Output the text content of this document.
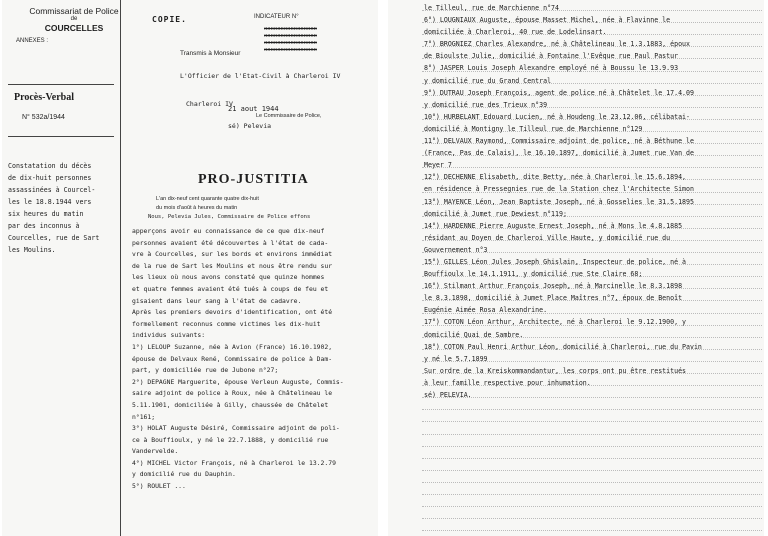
Commissariat de Police
de
COURCELLES
ANNEXES :
Procès-Verbal
N° 532a/1944
Constatation du décès
de dix-huit personnes
assassinées à Courcel-
les le 18.8.1944 vers
six heures du matin
par des inconnus à
Courcelles, rue de Sart
les Moulins.
COPIE.	INDICATEUR N°
xxxxxxxxxxxxxxxx
xxxxxxxxxxxxxxxx
xxxxxxxxxxxxxxxx
xxxxxxxxxxxxxxxx
Transmis à Monsieur
L'Officier de l'Etat-Civil à Charleroi IV
Charleroi IV
21 aout 1944
Le Commissaire de Police,
sé) Pelevia
PRO-JUSTITIA
L'an dix-neuf cent quarante quatre dix-huit
du mois d'août à heures du matin
Nous, Pelevia Jules, Commissaire de Police effons
apperçons avoir eu connaissance de ce que dix-neuf
personnes avaient été découvertes à l'état de cada-
vre à Courcelles, sur les bords et environs immédiat
de la rue de Sart les Moulins et nous être rendu sur
les lieux où nous avons constaté que quinze hommes
et quatre femmes avaient été tués à coups de feu et
gisaient dans leur sang à l'état de cadavre.
Après les premiers devoirs d'identification, ont été
formellement reconnus comme victimes les dix-huit
individus suivants:
1°) LELOUP Suzanne, née à Avion (France) 16.10.1902,
épouse de Delvaux René, Commissaire de police à Dam-
part, y domiciliée rue de Jubone n°27;
2°) DEPAGNE Marguerite, épouse Verleun Auguste, Commis-
saire adjoint de police à Roux, née à Châtelineau le
5.11.1901, domiciliée à Gilly, chaussée de Châtelet
n°161;
3°) HOLAT Auguste Désiré, Commissaire adjoint de poli-
ce à Bouffioulx, y né le 22.7.1888, y domicilié rue
Vandervelde.
4°) MICHEL Victor François, né à Charleroi le 13.2.79
y domicilié rue du Dauphin.
5°) ROULET ...
le Tilleul, rue de Marchienne n°74
6°) LOUGNIAUX Auguste, épouse Masset Michel, née à Flavinne le
domiciliée à Charleroi, 40 rue de Lodelinsart.
7°) BROGNIEZ Charles Alexandre, né à Châtelineau le 1.3.1883, époux
de Bioulste Julie, domicilié à Fontaine l'Evêque rue Paul Pastur
8°) JASPER Louis Joseph Alexandre employé né à Boussu le 13.9.93
y domicilié rue du Grand Central
9°) DUTRAU Joseph François, agent de police né à Châtelet le 17.4.09
y domicilié rue des Trieux n°39
10°) HURBELANT Edouard Lucien, né à Houdeng le 23.12.06, célibatai-
domicilié à Montigny le Tilleul rue de Marchienne n°129
11°) DELVAUX Raymond, Commissaire adjoint de police, né à Béthune le
(France, Pas de Calais), le 16.10.1897, domicilié à Jumet rue Van de
Meyer 7
12°) DECHENNE Elisabeth, dite Betty, née à Charleroi le 15.6.1894,
en résidence à Pressegnies rue de la Station chez l'Architecte Simon
13°) MAYENCE Léon, Jean Baptiste Joseph, né à Gosselies le 31.5.1895
domicilié à Jumet rue Dewiest n°119;
14°) HARDENNE Pierre Auguste Ernest Joseph, né à Mons le 4.8.1885
résidant au Doyen de Charleroi Ville Haute, y domicilié rue du
Gouvernement n°3
15°) GILLES Léon Jules Joseph Ghislain, Inspecteur de police, né à
Bouffioulx le 14.1.1911, y domicilié rue Ste Claire 68;
16°) Stilmant Arthur François Joseph, né à Marcinelle le 8.3.1898
le 8.3.1898, domicilié à Jumet Place Maîtres n°7, époux de Benoît
Eugénie Aimée Rosa Alexandrine.
17°) COTON Léon Arthur, Architecte, né à Charleroi le 9.12.1900, y
domicilié Quai de Sambre.
18°) COTON Paul Henri Arthur Léon, domicilié à Charleroi, rue du Pavin
y né le 5.7.1899
Sur ordre de la Kreiskommandantur, les corps ont pu être restitués
à leur famille respective pour inhumation.
sé) PELEVIA.
